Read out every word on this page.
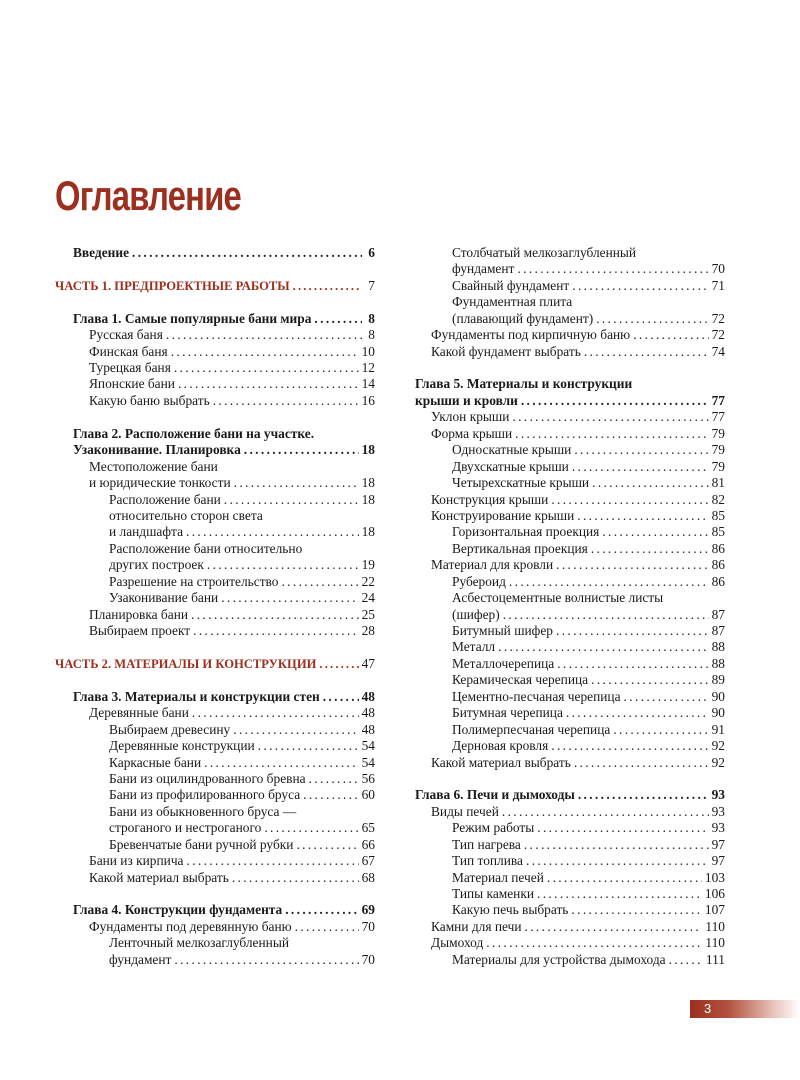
Оглавление
Введение . . .	6
ЧАСТЬ 1. ПРЕДПРОЕКТНЫЕ РАБОТЫ . . .	7
Глава 1. Самые популярные бани мира . . .	8
Русская баня . . .	8
Финская баня . . .	10
Турецкая баня . . .	12
Японские бани . . .	14
Какую баню выбрать . . .	16
Глава 2. Расположение бани на участке.
Узаконивание. Планировка . . .	18
Местоположение бани
и юридические тонкости . . .	18
Расположение бани . . .	18
относительно сторон света
и ландшафта . . .	18
Расположение бани относительно
других построек . . .	19
Разрешение на строительство . . .	22
Узаконивание бани . . .	24
Планировка бани . . .	25
Выбираем проект . . .	28
ЧАСТЬ 2. МАТЕРИАЛЫ И КОНСТРУКЦИИ . . .	47
Глава 3. Материалы и конструкции стен . . .	48
Деревянные бани . . .	48
Выбираем древесину . . .	48
Деревянные конструкции . . .	54
Каркасные бани . . .	54
Бани из оцилиндрованного бревна . . .	56
Бани из профилированного бруса . . .	60
Бани из обыкновенного бруса —
строганого и нестроганого . . .	65
Бревенчатые бани ручной рубки . . .	66
Бани из кирпича . . .	67
Какой материал выбрать . . .	68
Глава 4. Конструкции фундамента . . .	69
Фундаменты под деревянную баню . . .	70
Ленточный мелкозаглубленный
фундамент . . .	70
Столбчатый мелкозаглубленный
фундамент . . .	70
Свайный фундамент . . .	71
Фундаментная плита
(плавающий фундамент) . . .	72
Фундаменты под кирпичную баню . . .	72
Какой фундамент выбрать . . .	74
Глава 5. Материалы и конструкции
крыши и кровли . . .	77
Уклон крыши . . .	77
Форма крыши . . .	79
Односкатные крыши . . .	79
Двухскатные крыши . . .	79
Четырехскатные крыши . . .	81
Конструкция крыши . . .	82
Конструирование крыши . . .	85
Горизонтальная проекция . . .	85
Вертикальная проекция . . .	86
Материал для кровли . . .	86
Рубероид . . .	86
Асбестоцементные волнистые листы
(шифер) . . .	87
Битумный шифер . . .	87
Металл . . .	88
Металлочерепица . . .	88
Керамическая черепица . . .	89
Цементно-песчаная черепица . . .	90
Битумная черепица . . .	90
Полимерпесчаная черепица . . .	91
Дерновая кровля . . .	92
Какой материал выбрать . . .	92
Глава 6. Печи и дымоходы . . .	93
Виды печей . . .	93
Режим работы . . .	93
Тип нагрева . . .	97
Тип топлива . . .	97
Материал печей . . .	103
Типы каменки . . .	106
Какую печь выбрать . . .	107
Камни для печи . . .	110
Дымоход . . .	110
Материалы для устройства дымохода . . .	111
3
